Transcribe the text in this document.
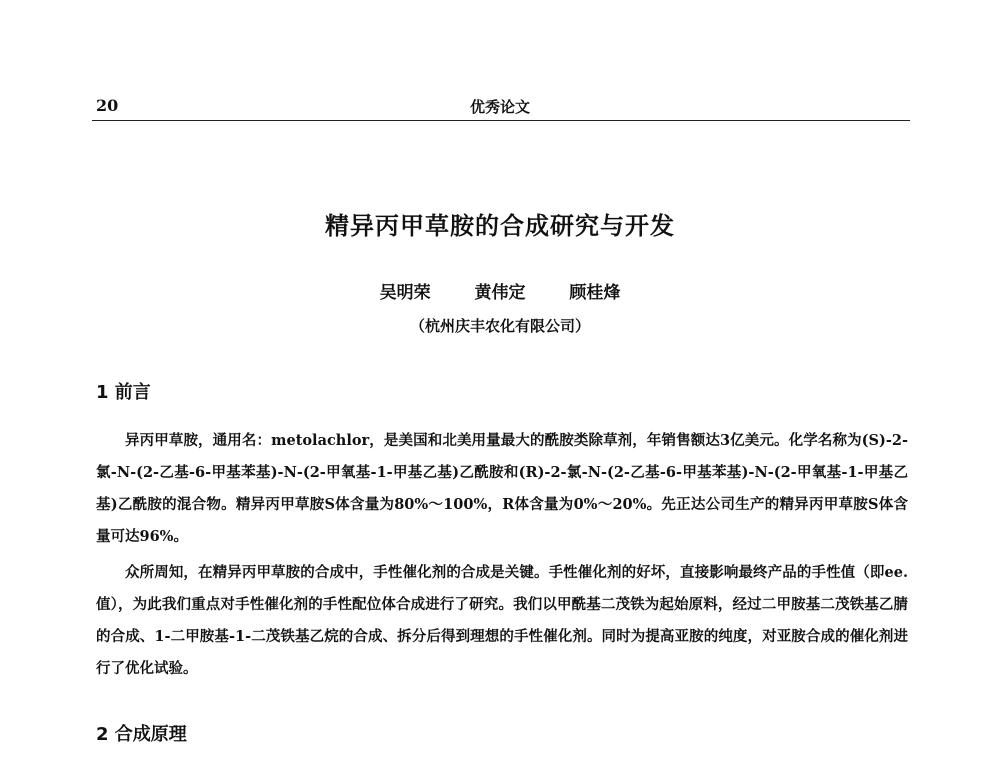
20	优秀论文

精异丙甲草胺的合成研究与开发

吴明荣	黄伟定	顾桂烽

（杭州庆丰农化有限公司）

1 前言

异丙甲草胺，通用名：metolachlor，是美国和北美用量最大的酰胺类除草剂，年销售额达3亿美元。化学名称为(S)-2-氯-N-(2-乙基-6-甲基苯基)-N-(2-甲氧基-1-甲基乙基)乙酰胺和(R)-2-氯-N-(2-乙基-6-甲基苯基)-N-(2-甲氧基-1-甲基乙基)乙酰胺的混合物。精异丙甲草胺S体含量为80%～100%，R体含量为0%～20%。先正达公司生产的精异丙甲草胺S体含量可达96%。

众所周知，在精异丙甲草胺的合成中，手性催化剂的合成是关键。手性催化剂的好坏，直接影响最终产品的手性值（即ee.值），为此我们重点对手性催化剂的手性配位体合成进行了研究。我们以甲酰基二茂铁为起始原料，经过二甲胺基二茂铁基乙腈的合成、1-二甲胺基-1-二茂铁基乙烷的合成、拆分后得到理想的手性催化剂。同时为提高亚胺的纯度，对亚胺合成的催化剂进行了优化试验。

2 合成原理
